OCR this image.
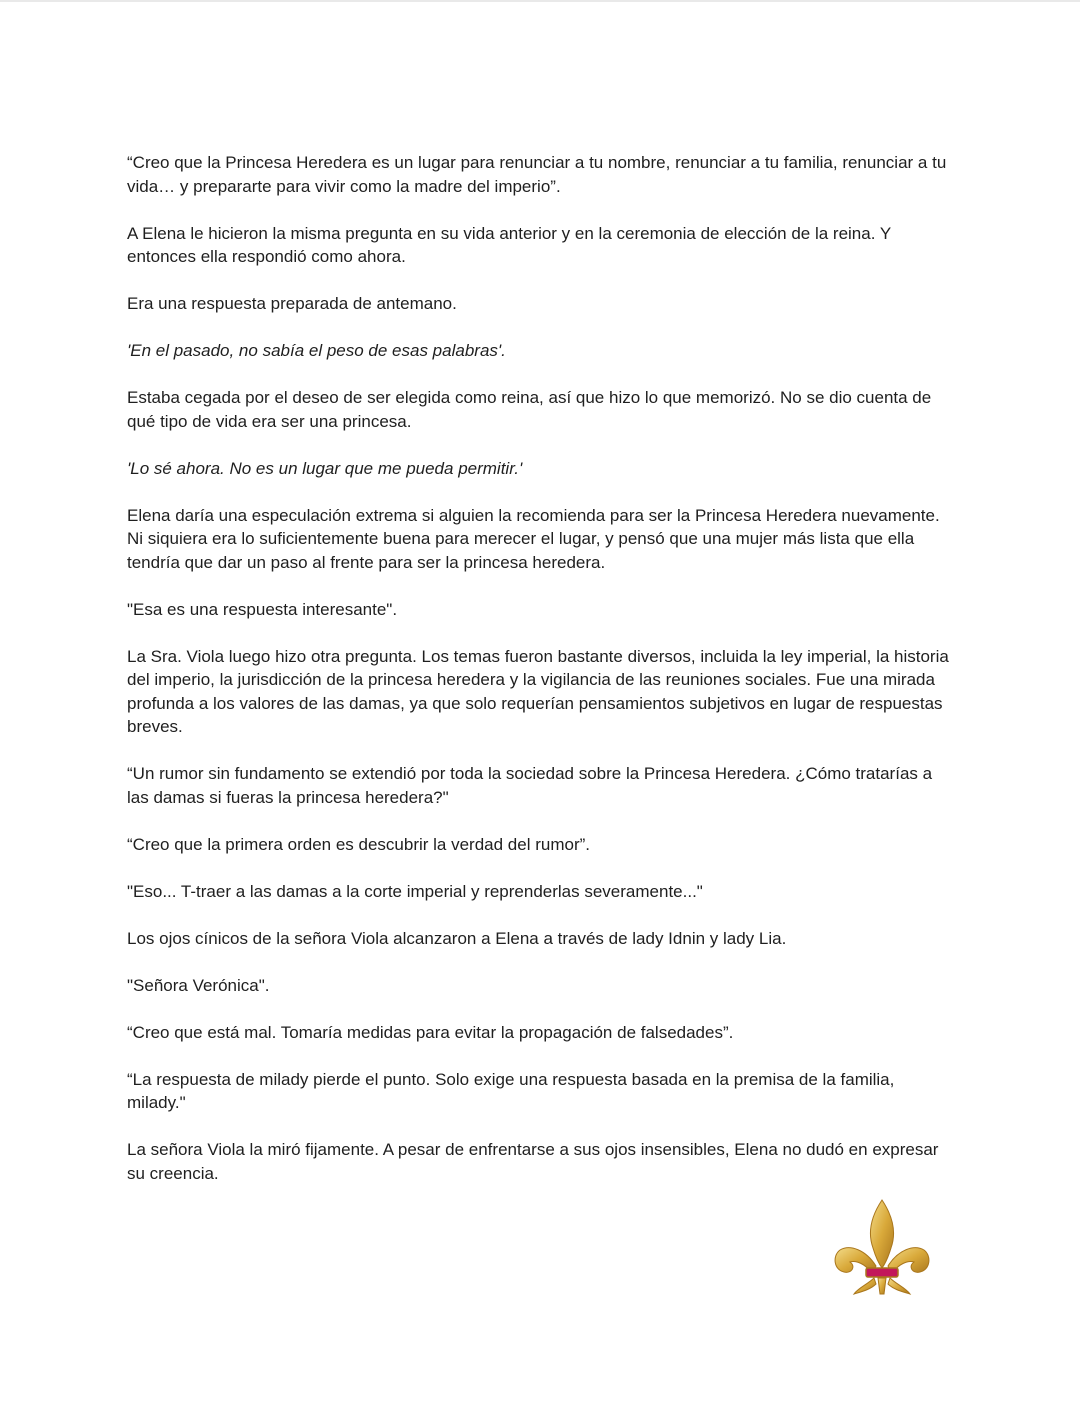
“Creo que la Princesa Heredera es un lugar para renunciar a tu nombre, renunciar a tu familia, renunciar a tu vida… y prepararte para vivir como la madre del imperio”.

A Elena le hicieron la misma pregunta en su vida anterior y en la ceremonia de elección de la reina. Y entonces ella respondió como ahora.

Era una respuesta preparada de antemano.

'En el pasado, no sabía el peso de esas palabras'.

Estaba cegada por el deseo de ser elegida como reina, así que hizo lo que memorizó. No se dio cuenta de qué tipo de vida era ser una princesa.

'Lo sé ahora. No es un lugar que me pueda permitir.'

Elena daría una especulación extrema si alguien la recomienda para ser la Princesa Heredera nuevamente. Ni siquiera era lo suficientemente buena para merecer el lugar, y pensó que una mujer más lista que ella tendría que dar un paso al frente para ser la princesa heredera.

"Esa es una respuesta interesante".

La Sra. Viola luego hizo otra pregunta. Los temas fueron bastante diversos, incluida la ley imperial, la historia del imperio, la jurisdicción de la princesa heredera y la vigilancia de las reuniones sociales. Fue una mirada profunda a los valores de las damas, ya que solo requerían pensamientos subjetivos en lugar de respuestas breves.

“Un rumor sin fundamento se extendió por toda la sociedad sobre la Princesa Heredera. ¿Cómo tratarías a las damas si fueras la princesa heredera?"

“Creo que la primera orden es descubrir la verdad del rumor”.

"Eso... T-traer a las damas a la corte imperial y reprenderlas severamente..."

Los ojos cínicos de la señora Viola alcanzaron a Elena a través de lady Idnin y lady Lia.

"Señora Verónica".

“Creo que está mal. Tomaría medidas para evitar la propagación de falsedades”.

“La respuesta de milady pierde el punto. Solo exige una respuesta basada en la premisa de la familia, milady."

La señora Viola la miró fijamente. A pesar de enfrentarse a sus ojos insensibles, Elena no dudó en expresar su creencia.
